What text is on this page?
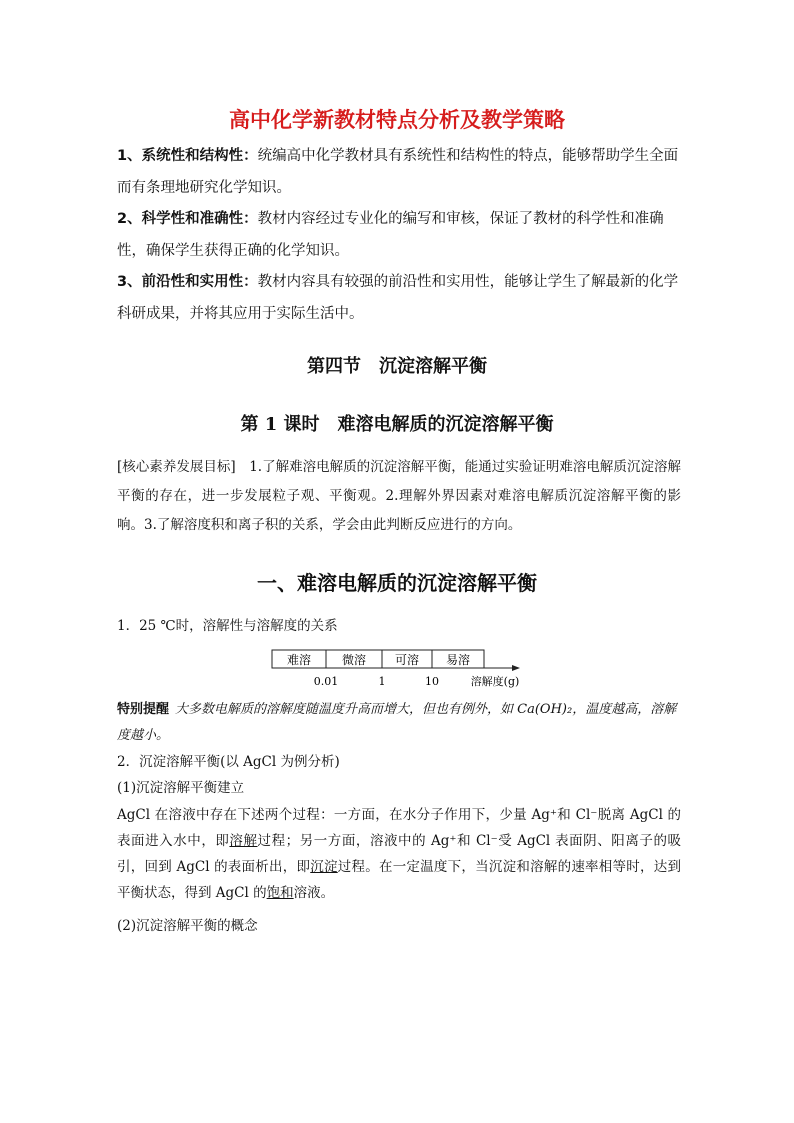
高中化学新教材特点分析及教学策略
1、系统性和结构性：统编高中化学教材具有系统性和结构性的特点，能够帮助学生全面而有条理地研究化学知识。
2、科学性和准确性：教材内容经过专业化的编写和审核，保证了教材的科学性和准确性，确保学生获得正确的化学知识。
3、前沿性和实用性：教材内容具有较强的前沿性和实用性，能够让学生了解最新的化学科研成果，并将其应用于实际生活中。
第四节　沉淀溶解平衡
第 1 课时　难溶电解质的沉淀溶解平衡
[核心素养发展目标]　 1.了解难溶电解质的沉淀溶解平衡，能通过实验证明难溶电解质沉淀溶解平衡的存在，进一步发展粒子观、平衡观。2.理解外界因素对难溶电解质沉淀溶解平衡的影响。3.了解溶度积和离子积的关系，学会由此判断反应进行的方向。
一、难溶电解质的沉淀溶解平衡
1．25 ℃时，溶解性与溶解度的关系
难溶	微溶 可溶 易溶
0.01	1	10	溶解度(g)
特别提醒 大多数电解质的溶解度随温度升高而增大，但也有例外，如 Ca(OH)₂，温度越高，溶解度越小。
2．沉淀溶解平衡(以 AgCl 为例分析)
(1)沉淀溶解平衡建立
AgCl 在溶液中存在下述两个过程：一方面，在水分子作用下，少量 Ag⁺和 Cl⁻脱离 AgCl 的表面进入水中，即溶解过程；另一方面，溶液中的 Ag⁺和 Cl⁻受 AgCl 表面阴、阳离子的吸引，回到 AgCl 的表面析出，即沉淀过程。在一定温度下，当沉淀和溶解的速率相等时，达到平衡状态，得到 AgCl 的饱和溶液。
(2)沉淀溶解平衡的概念
